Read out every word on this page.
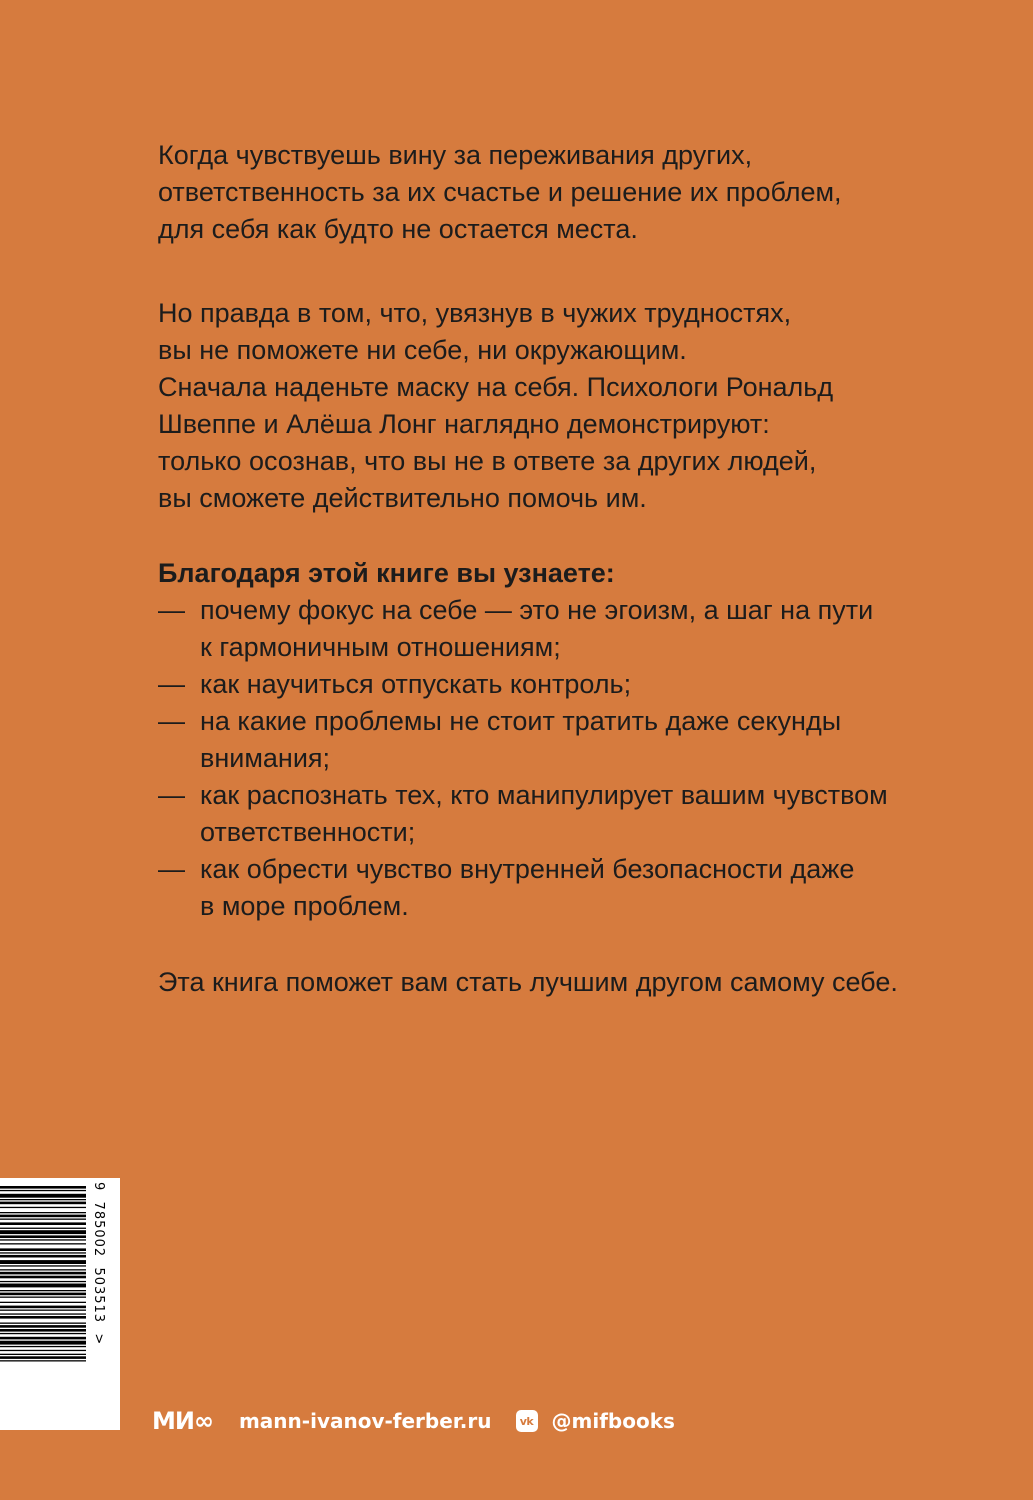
Когда чувствуешь вину за переживания других,

ответственность за их счастье и решение их проблем,

для себя как будто не остается места.

Но правда в том, что, увязнув в чужих трудностях,

вы не поможете ни себе, ни окружающим.

Сначала наденьте маску на себя. Психологи Рональд

Швеппе и Алёша Лонг наглядно демонстрируют:

только осознав, что вы не в ответе за других людей,

вы сможете действительно помочь им.

Благодаря этой книге вы узнаете:

— почему фокус на себе — это не эгоизм, а шаг на пути

к гармоничным отношениям;

— как научиться отпускать контроль;

— на какие проблемы не стоит тратить даже секунды

внимания;

— как распознать тех, кто манипулирует вашим чувством

ответственности;

— как обрести чувство внутренней безопасности даже

в море проблем.

Эта книга поможет вам стать лучшим другом самому себе.

9  785002  503513  >
МИ ∞ mann-ivanov-ferber.ru	vk @mifbooks
